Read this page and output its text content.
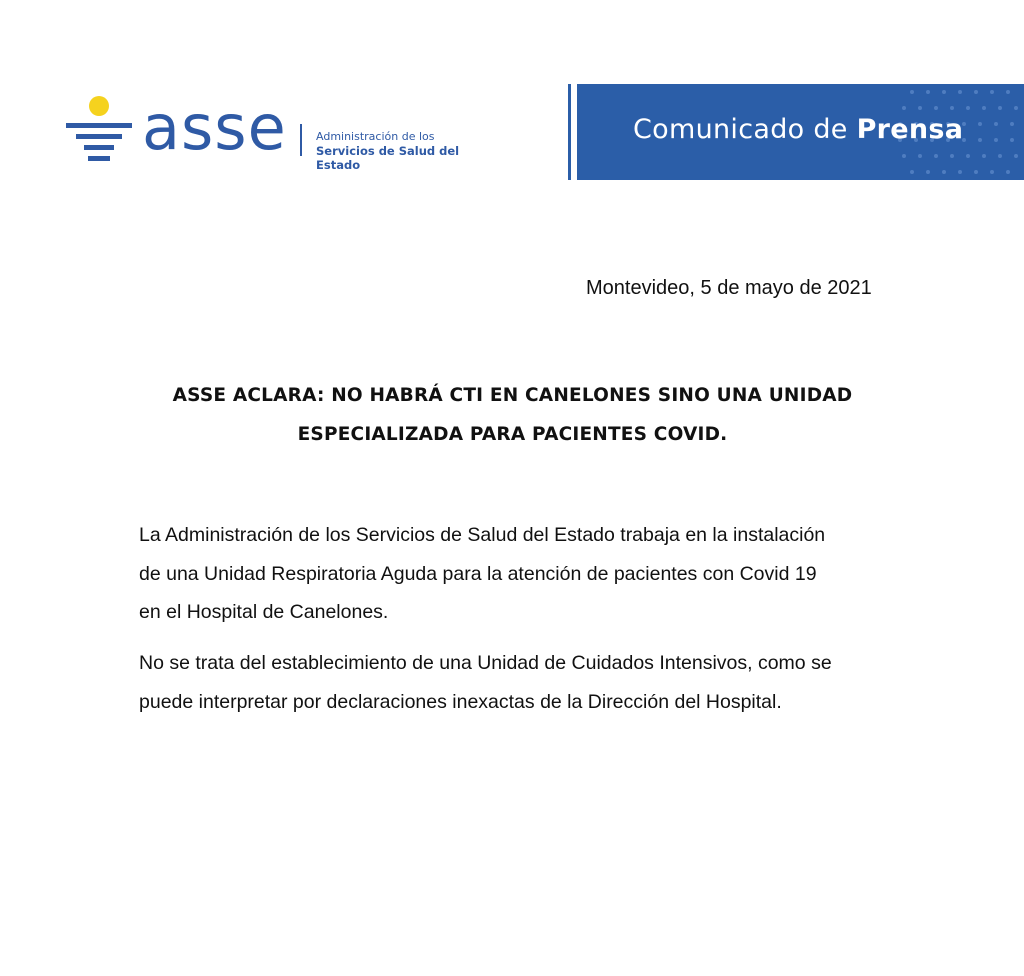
asse	Administración de los
Servicios de Salud del Estado
Comunicado de Prensa
Montevideo, 5 de mayo de 2021
ASSE ACLARA: NO HABRÁ CTI EN CANELONES SINO UNA UNIDAD
ESPECIALIZADA PARA PACIENTES COVID.
La Administración de los Servicios de Salud del Estado trabaja en la instalación
de una Unidad Respiratoria Aguda para la atención de pacientes con Covid 19
en el Hospital de Canelones.
No se trata del establecimiento de una Unidad de Cuidados Intensivos, como se
puede interpretar por declaraciones inexactas de la Dirección del Hospital.
